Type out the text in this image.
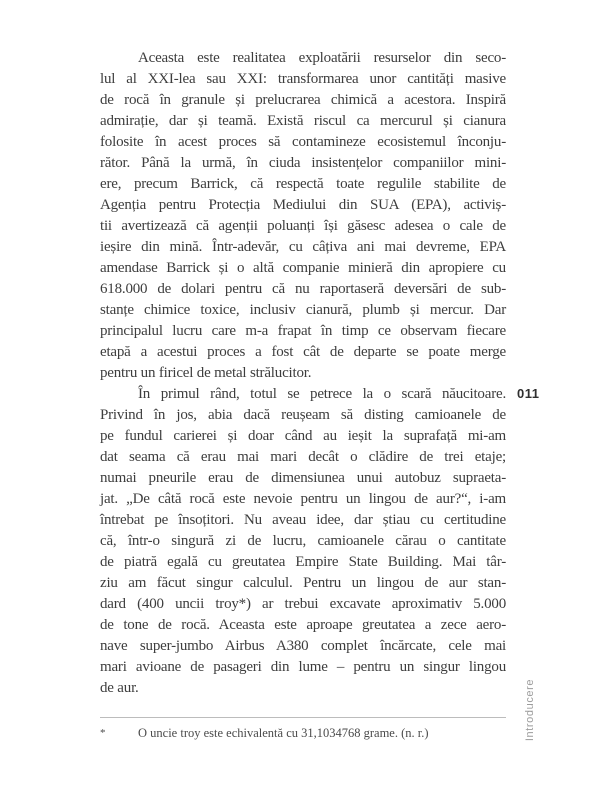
Aceasta este realitatea exploatării resurselor din seco-
lul al XXI-lea sau XXI: transformarea unor cantități masive
de rocă în granule și prelucrarea chimică a acestora. Inspiră
admirație, dar și teamă. Există riscul ca mercurul și cianura
folosite în acest proces să contamineze ecosistemul înconju-
rător. Până la urmă, în ciuda insistențelor companiilor mini-
ere, precum Barrick, că respectă toate regulile stabilite de
Agenția pentru Protecția Mediului din SUA (EPA), activiș-
tii avertizează că agenții poluanți își găsesc adesea o cale de
ieșire din mină. Într-adevăr, cu câțiva ani mai devreme, EPA
amendase Barrick și o altă companie minieră din apropiere cu
618.000 de dolari pentru că nu raportaseră deversări de sub-
stanțe chimice toxice, inclusiv cianură, plumb și mercur. Dar
principalul lucru care m-a frapat în timp ce observam fiecare
etapă a acestui proces a fost cât de departe se poate merge
pentru un firicel de metal strălucitor.
În primul rând, totul se petrece la o scară năucitoare.
Privind în jos, abia dacă reușeam să disting camioanele de
pe fundul carierei și doar când au ieșit la suprafață mi-am
dat seama că erau mai mari decât o clădire de trei etaje;
numai pneurile erau de dimensiunea unui autobuz supraeta-
jat. „De câtă rocă este nevoie pentru un lingou de aur?“, i-am
întrebat pe însoțitori. Nu aveau idee, dar știau cu certitudine
că, într-o singură zi de lucru, camioanele cărau o cantitate
de piatră egală cu greutatea Empire State Building. Mai târ-
ziu am făcut singur calculul. Pentru un lingou de aur stan-
dard (400 uncii troy*) ar trebui excavate aproximativ 5.000
de tone de rocă. Aceasta este aproape greutatea a zece aero-
nave super-jumbo Airbus A380 complet încărcate, cele mai
mari avioane de pasageri din lume – pentru un singur lingou
de aur.
011
Introducere
*	O uncie troy este echivalentă cu 31,1034768 grame. (n. r.)
